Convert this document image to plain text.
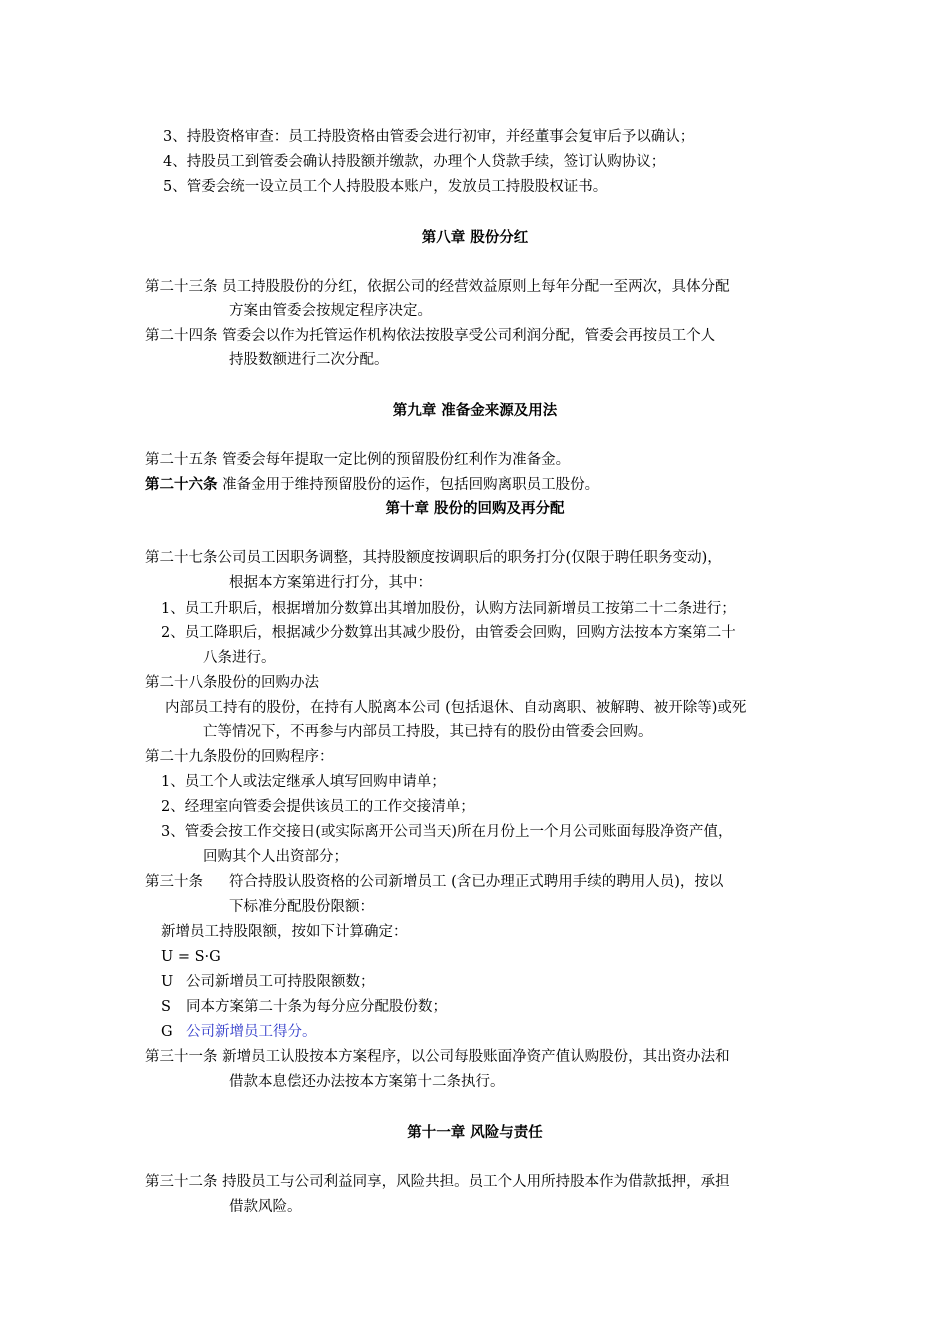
3、持股资格审查：员工持股资格由管委会进行初审，并经董事会复审后予以确认；
4、持股员工到管委会确认持股额并缴款，办理个人贷款手续，签订认购协议；
5、管委会统一设立员工个人持股股本账户，发放员工持股股权证书。
第八章 股份分红
第二十三条 员工持股股份的分红，依据公司的经营效益原则上每年分配一至两次，具体分配
方案由管委会按规定程序决定。
第二十四条 管委会以作为托管运作机构依法按股享受公司利润分配，管委会再按员工个人
持股数额进行二次分配。
第九章 准备金来源及用法
第二十五条 管委会每年提取一定比例的预留股份红利作为准备金。
第二十六条 准备金用于维持预留股份的运作，包括回购离职员工股份。
第十章 股份的回购及再分配
第二十七条公司员工因职务调整，其持股额度按调职后的职务打分(仅限于聘任职务变动)，
根据本方案第进行打分，其中：
1、员工升职后，根据增加分数算出其增加股份，认购方法同新增员工按第二十二条进行；
2、员工降职后，根据减少分数算出其减少股份，由管委会回购，回购方法按本方案第二十
八条进行。
第二十八条股份的回购办法
内部员工持有的股份，在持有人脱离本公司 (包括退休、自动离职、被解聘、被开除等)或死
亡等情况下，不再参与内部员工持股，其已持有的股份由管委会回购。
第二十九条股份的回购程序：
1、员工个人或法定继承人填写回购申请单；
2、经理室向管委会提供该员工的工作交接清单；
3、管委会按工作交接日(或实际离开公司当天)所在月份上一个月公司账面每股净资产值，
回购其个人出资部分；
第三十条 符合持股认股资格的公司新增员工 (含已办理正式聘用手续的聘用人员)，按以
下标准分配股份限额：
新增员工持股限额，按如下计算确定：
U = S·G
U 公司新增员工可持股限额数；
S 同本方案第二十条为每分应分配股份数；
G 公司新增员工得分。
第三十一条 新增员工认股按本方案程序，以公司每股账面净资产值认购股份，其出资办法和
借款本息偿还办法按本方案第十二条执行。
第十一章 风险与责任
第三十二条 持股员工与公司利益同享，风险共担。员工个人用所持股本作为借款抵押，承担
借款风险。
